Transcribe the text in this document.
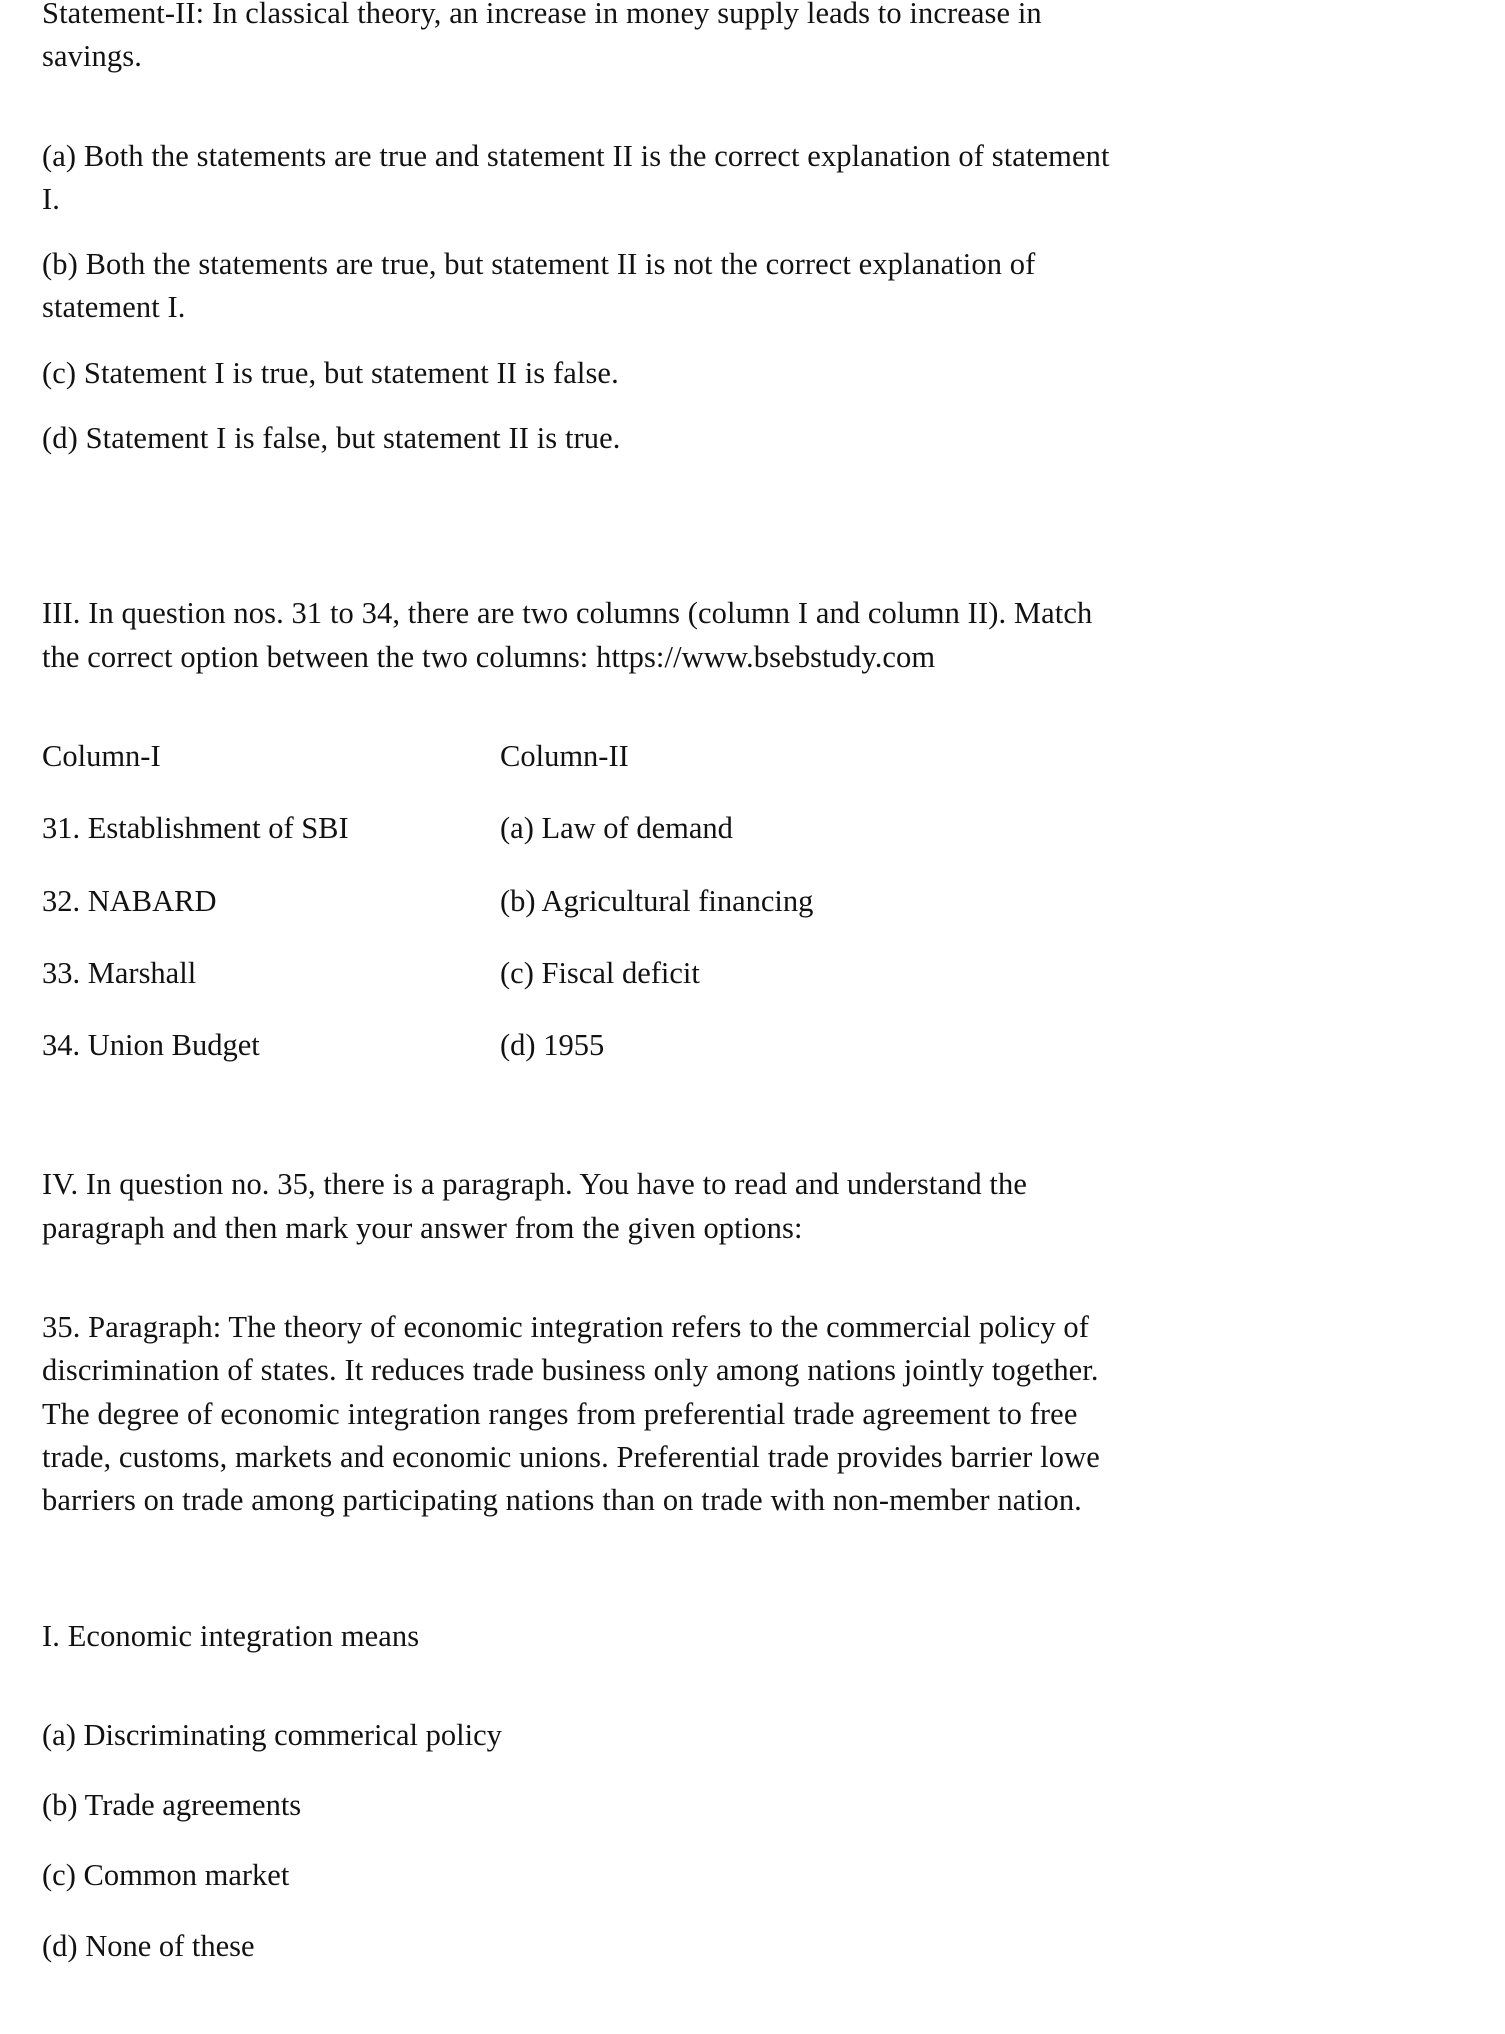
Statement-II: In classical theory, an increase in money supply leads to increase in savings.

(a) Both the statements are true and statement II is the correct explanation of statement I.

(b) Both the statements are true, but statement II is not the correct explanation of statement I.

(c) Statement I is true, but statement II is false.

(d) Statement I is false, but statement II is true.

III. In question nos. 31 to 34, there are two columns (column I and column II). Match the correct option between the two columns: https://www.bsebstudy.com

Column-I	Column-II
31. Establishment of SBI	(a) Law of demand
32. NABARD	(b) Agricultural financing
33. Marshall	(c) Fiscal deficit
34. Union Budget	(d) 1955

IV. In question no. 35, there is a paragraph. You have to read and understand the paragraph and then mark your answer from the given options:

35. Paragraph: The theory of economic integration refers to the commercial policy of discrimination of states. It reduces trade business only among nations jointly together. The degree of economic integration ranges from preferential trade agreement to free trade, customs, markets and economic unions. Preferential trade provides barrier lowe barriers on trade among participating nations than on trade with non-member nation.

I. Economic integration means

(a) Discriminating commerical policy

(b) Trade agreements

(c) Common market

(d) None of these
